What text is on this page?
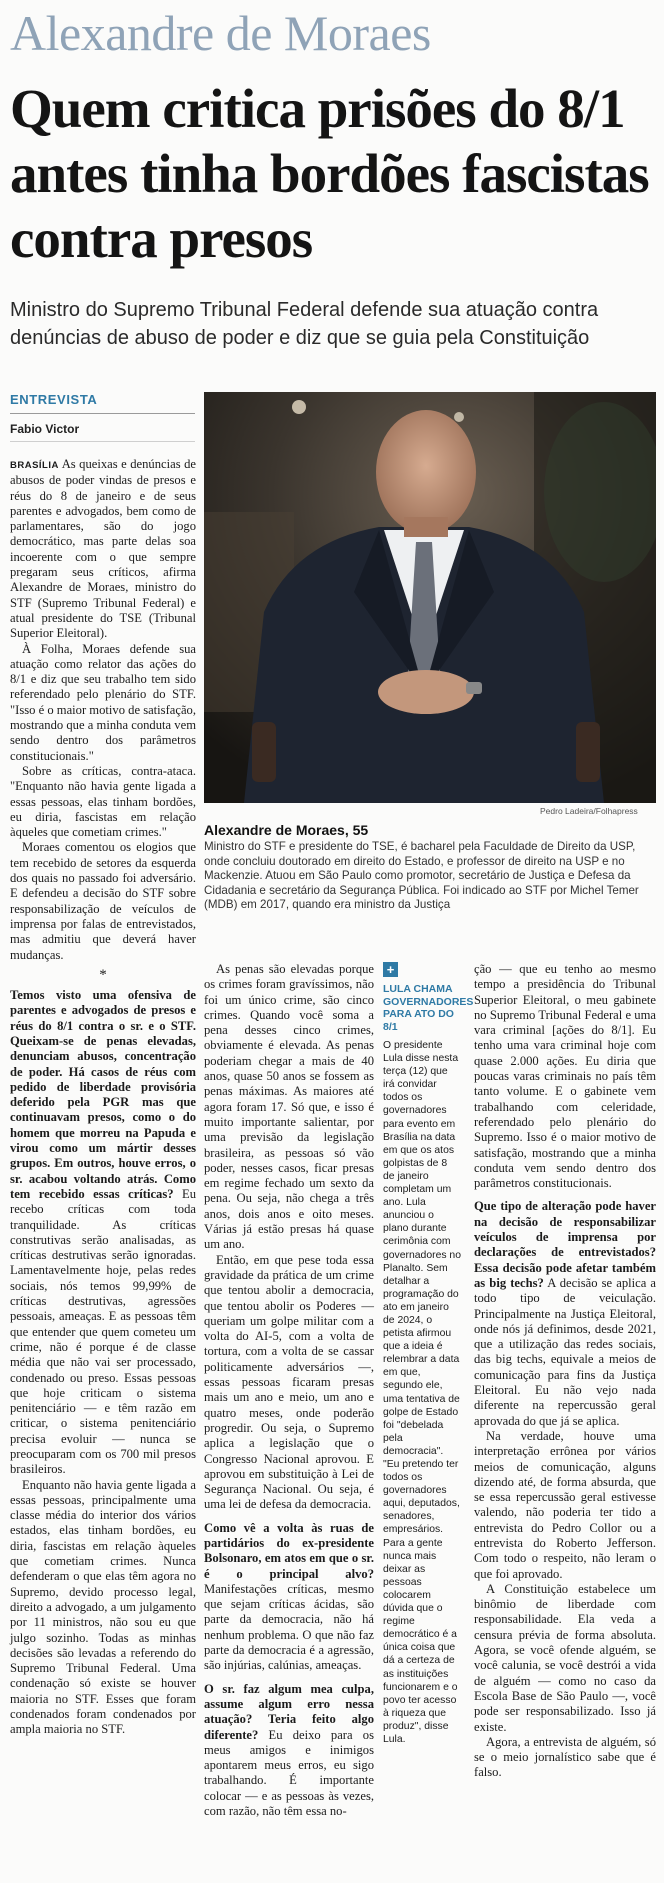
Alexandre de Moraes
Quem critica prisões do 8/1 antes tinha bordões fascistas contra presos
Ministro do Supremo Tribunal Federal defende sua atuação contra denúncias de abuso de poder e diz que se guia pela Constituição
ENTREVISTA
Fabio Victor

BRASÍLIA As queixas e denúncias de abusos de poder vindas de presos e réus do 8 de janeiro e de seus parentes e advogados, bem como de parlamentares, são do jogo democrático, mas parte delas soa incoerente com o que sempre pregaram seus críticos, afirma Alexandre de Moraes, ministro do STF (Supremo Tribunal Federal) e atual presidente do TSE (Tribunal Superior Eleitoral).

À Folha, Moraes defende sua atuação como relator das ações do 8/1 e diz que seu trabalho tem sido referendado pelo plenário do STF. "Isso é o maior motivo de satisfação, mostrando que a minha conduta vem sendo dentro dos parâmetros constitucionais."

Sobre as críticas, contra-ataca. "Enquanto não havia gente ligada a essas pessoas, elas tinham bordões, eu diria, fascistas em relação àqueles que cometiam crimes."

Moraes comentou os elogios que tem recebido de setores da esquerda dos quais no passado foi adversário. E defendeu a decisão do STF sobre responsabilização de veículos de imprensa por falas de entrevistados, mas admitiu que deverá haver mudanças.

*

Temos visto uma ofensiva de parentes e advogados de presos e réus do 8/1 contra o sr. e o STF. Queixam-se de penas elevadas, denunciam abusos, concentração de poder. Há casos de réus com pedido de liberdade provisória deferido pela PGR mas que continuavam presos, como o do homem que morreu na Papuda e virou como um mártir desses grupos. Em outros, houve erros, o sr. acabou voltando atrás. Como tem recebido essas críticas? Eu recebo críticas com toda tranquilidade. As críticas construtivas serão analisadas, as críticas destrutivas serão ignoradas. Lamentavelmente hoje, pelas redes sociais, nós temos 99,99% de críticas destrutivas, agressões pessoais, ameaças. E as pessoas têm que entender que quem cometeu um crime, não é porque é de classe média que não vai ser processado, condenado ou preso. Essas pessoas que hoje criticam o sistema penitenciário — e têm razão em criticar, o sistema penitenciário precisa evoluir — nunca se preocuparam com os 700 mil presos brasileiros.

Enquanto não havia gente ligada a essas pessoas, principalmente uma classe média do interior dos vários estados, elas tinham bordões, eu diria, fascistas em relação àqueles que cometiam crimes. Nunca defenderam o que elas têm agora no Supremo, devido processo legal, direito a advogado, a um julgamento por 11 ministros, não sou eu que julgo sozinho. Todas as minhas decisões são levadas a referendo do Supremo Tribunal Federal. Uma condenação só existe se houver maioria no STF. Esses que foram condenados foram condenados por ampla maioria no STF.

Pedro Ladeira/Folhapress
Alexandre de Moraes, 55
Ministro do STF e presidente do TSE, é bacharel pela Faculdade de Direito da USP, onde concluiu doutorado em direito do Estado, e professor de direito na USP e no Mackenzie. Atuou em São Paulo como promotor, secretário de Justiça e Defesa da Cidadania e secretário da Segurança Pública. Foi indicado ao STF por Michel Temer (MDB) em 2017, quando era ministro da Justiça

As penas são elevadas porque os crimes foram gravíssimos, não foi um único crime, são cinco crimes. Quando você soma a pena desses cinco crimes, obviamente é elevada. As penas poderiam chegar a mais de 40 anos, quase 50 anos se fossem as penas máximas. As maiores até agora foram 17. Só que, e isso é muito importante salientar, por uma previsão da legislação brasileira, as pessoas só vão poder, nesses casos, ficar presas em regime fechado um sexto da pena. Ou seja, não chega a três anos, dois anos e oito meses. Várias já estão presas há quase um ano.

Então, em que pese toda essa gravidade da prática de um crime que tentou abolir a democracia, que tentou abolir os Poderes — queriam um golpe militar com a volta do AI-5, com a volta de tortura, com a volta de se cassar politicamente adversários —, essas pessoas ficaram presas mais um ano e meio, um ano e quatro meses, onde poderão progredir. Ou seja, o Supremo aplica a legislação que o Congresso Nacional aprovou. E aprovou em substituição à Lei de Segurança Nacional. Ou seja, é uma lei de defesa da democracia.

Como vê a volta às ruas de partidários do ex-presidente Bolsonaro, em atos em que o sr. é o principal alvo? Manifestações críticas, mesmo que sejam críticas ácidas, são parte da democracia, não há nenhum problema. O que não faz parte da democracia é a agressão, são injúrias, calúnias, ameaças.

O sr. faz algum mea culpa, assume algum erro nessa atuação? Teria feito algo diferente? Eu deixo para os meus amigos e inimigos apontarem meus erros, eu sigo trabalhando. É importante colocar — e as pessoas às vezes, com razão, não têm essa no-

+
LULA CHAMA GOVERNADORES PARA ATO DO 8/1
O presidente Lula disse nesta terça (12) que irá convidar todos os governadores para evento em Brasília na data em que os atos golpistas de 8 de janeiro completam um ano. Lula anunciou o plano durante cerimônia com governadores no Planalto. Sem detalhar a programação do ato em janeiro de 2024, o petista afirmou que a ideia é relembrar a data em que, segundo ele, uma tentativa de golpe de Estado foi "debelada pela democracia". "Eu pretendo ter todos os governadores aqui, deputados, senadores, empresários. Para a gente nunca mais deixar as pessoas colocarem dúvida que o regime democrático é a única coisa que dá a certeza de as instituições funcionarem e o povo ter acesso à riqueza que produz", disse Lula.

ção — que eu tenho ao mesmo tempo a presidência do Tribunal Superior Eleitoral, o meu gabinete no Supremo Tribunal Federal e uma vara criminal [ações do 8/1]. Eu tenho uma vara criminal hoje com quase 2.000 ações. Eu diria que poucas varas criminais no país têm tanto volume. E o gabinete vem trabalhando com celeridade, referendado pelo plenário do Supremo. Isso é o maior motivo de satisfação, mostrando que a minha conduta vem sendo dentro dos parâmetros constitucionais.

Que tipo de alteração pode haver na decisão de responsabilizar veículos de imprensa por declarações de entrevistados? Essa decisão pode afetar também as big techs? A decisão se aplica a todo tipo de veiculação. Principalmente na Justiça Eleitoral, onde nós já definimos, desde 2021, que a utilização das redes sociais, das big techs, equivale a meios de comunicação para fins da Justiça Eleitoral. Eu não vejo nada diferente na repercussão geral aprovada do que já se aplica.

Na verdade, houve uma interpretação errônea por vários meios de comunicação, alguns dizendo até, de forma absurda, que se essa repercussão geral estivesse valendo, não poderia ter tido a entrevista do Pedro Collor ou a entrevista do Roberto Jefferson. Com todo o respeito, não leram o que foi aprovado.

A Constituição estabelece um binômio de liberdade com responsabilidade. Ela veda a censura prévia de forma absoluta. Agora, se você ofende alguém, se você calunia, se você destrói a vida de alguém — como no caso da Escola Base de São Paulo —, você pode ser responsabilizado. Isso já existe.

Agora, a entrevista de alguém, só se o meio jornalístico sabe que é falso.
